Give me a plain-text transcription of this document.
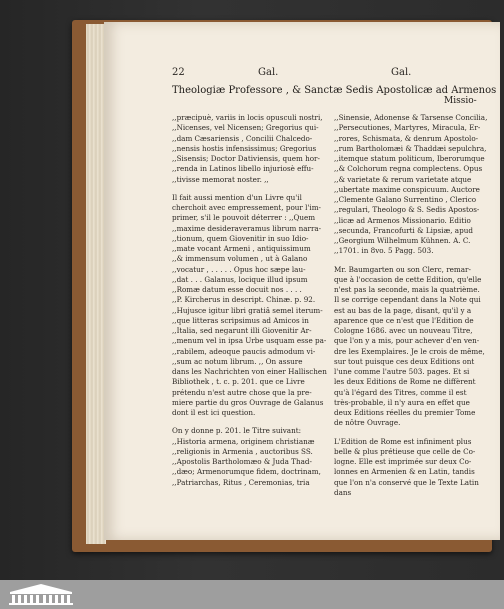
22	Gal.	Gal.
Theologiæ Professore , & Sanctæ Sedis Apostolicæ ad Armenos
Missio-

,,præcipuè, variis in locis opusculi nostri,

,,Nicenses, vel Nicensen; Gregorius qui-

,,dam Cæsariensis , Concilii Chalcedo-

,,nensis hostis infensissimus; Gregorius

,,Sisensis; Doctor Dativiensis, quem hor-

,,renda in Latinos libello injuriosè effu-

,,tivisse memorat noster. ,,

Il fait aussi mention d'un Livre qu'il

cherchoit avec empressement, pour l'im-

primer, s'il le pouvoit déterrer : ,,Quem

,,maxime desideraveramus librum narra-

,,tionum, quem Giovenitir in suo Idio-

,,mate vocant Armeni , antiquissimum

,,& immensum volumen , ut à Galano

,,vocatur , . . . . . Opus hoc sæpe lau-

,,dat . . . Galanus, locique illud ipsum

,,Romæ datum esse docuit nos . . . .

,,P. Kircherus in descript. Chinæ. p. 92.

,,Hujusce igitur libri gratiâ semel iterum-

,,que litteras scripsimus ad Amicos in

,,Italia, sed negarunt illi Giovenitir Ar-

,,menum vel in ipsa Urbe usquam esse pa-

,,rabilem, adeoque paucis admodum vi-

,,sum ac notum librum. ,, On assure

dans les Nachrichten von einer Hallischen

Bibliothek , t. c. p. 201. que ce Livre

prétendu n'est autre chose que la pre-

miere partie du gros Ouvrage de Galanus

dont il est ici question.

On y donne p. 201. le Titre suivant:

,,Historia armena, originem christianæ

,,religionis in Armenia , auctoribus SS.

,,Apostolis Bartholomæo & Juda Thad-

,,dæo; Armenorumque fidem, doctrinam,

,,Patriarchas, Ritus , Ceremonias, tria

,,Sinensie, Adonense & Tarsense Concilia,

,,Persecutiones, Martyres, Miracula, Er-

,,rores, Schismata, & denrum Apostolo-

,,rum Bartholomæi & Thaddæi sepulchra,

,,itemque statum politicum, Iberorumque

,,& Colchorum regna complectens. Opus

,,& varietate & rerum varietate atque

,,ubertate maxime conspicuum. Auctore

,,Clemente Galano Surrentino , Clerico

,,regulari, Theologo & S. Sedis Apostos-

,,licæ ad Armenos Missionario. Editio

,,secunda, Francofurti & Lipsiæ, apud

,,Georgium Wilhelmum Kühnen. A. C.

,,1701. in 8vo. 5 Pagg. 503.

Mr. Baumgarten ou son Clerc, remar-

que à l'occasion de cette Edition, qu'elle

n'est pas la seconde, mais la quatrième.

Il se corrige cependant dans la Note qui

est au bas de la page, disant, qu'il y a

aparence que ce n'est que l'Edition de

Cologne 1686. avec un nouveau Titre,

que l'on y a mis, pour achever d'en ven-

dre les Exemplaires. Je le crois de même,

sur tout puisque ces deux Editions ont

l'une comme l'autre 503. pages. Et si

les deux Editions de Rome ne diffèrent

qu'à l'égard des Titres, comme il est

très-probable, il n'y aura en effet que

deux Editions réelles du premier Tome

de nôtre Ouvrage.

L'Edition de Rome est infiniment plus

belle & plus prétieuse que celle de Co-

logne. Elle est imprimée sur deux Co-

lonnes en Armenien & en Latin, tandis

que l'on n'a conservé que le Texte Latin

dans
